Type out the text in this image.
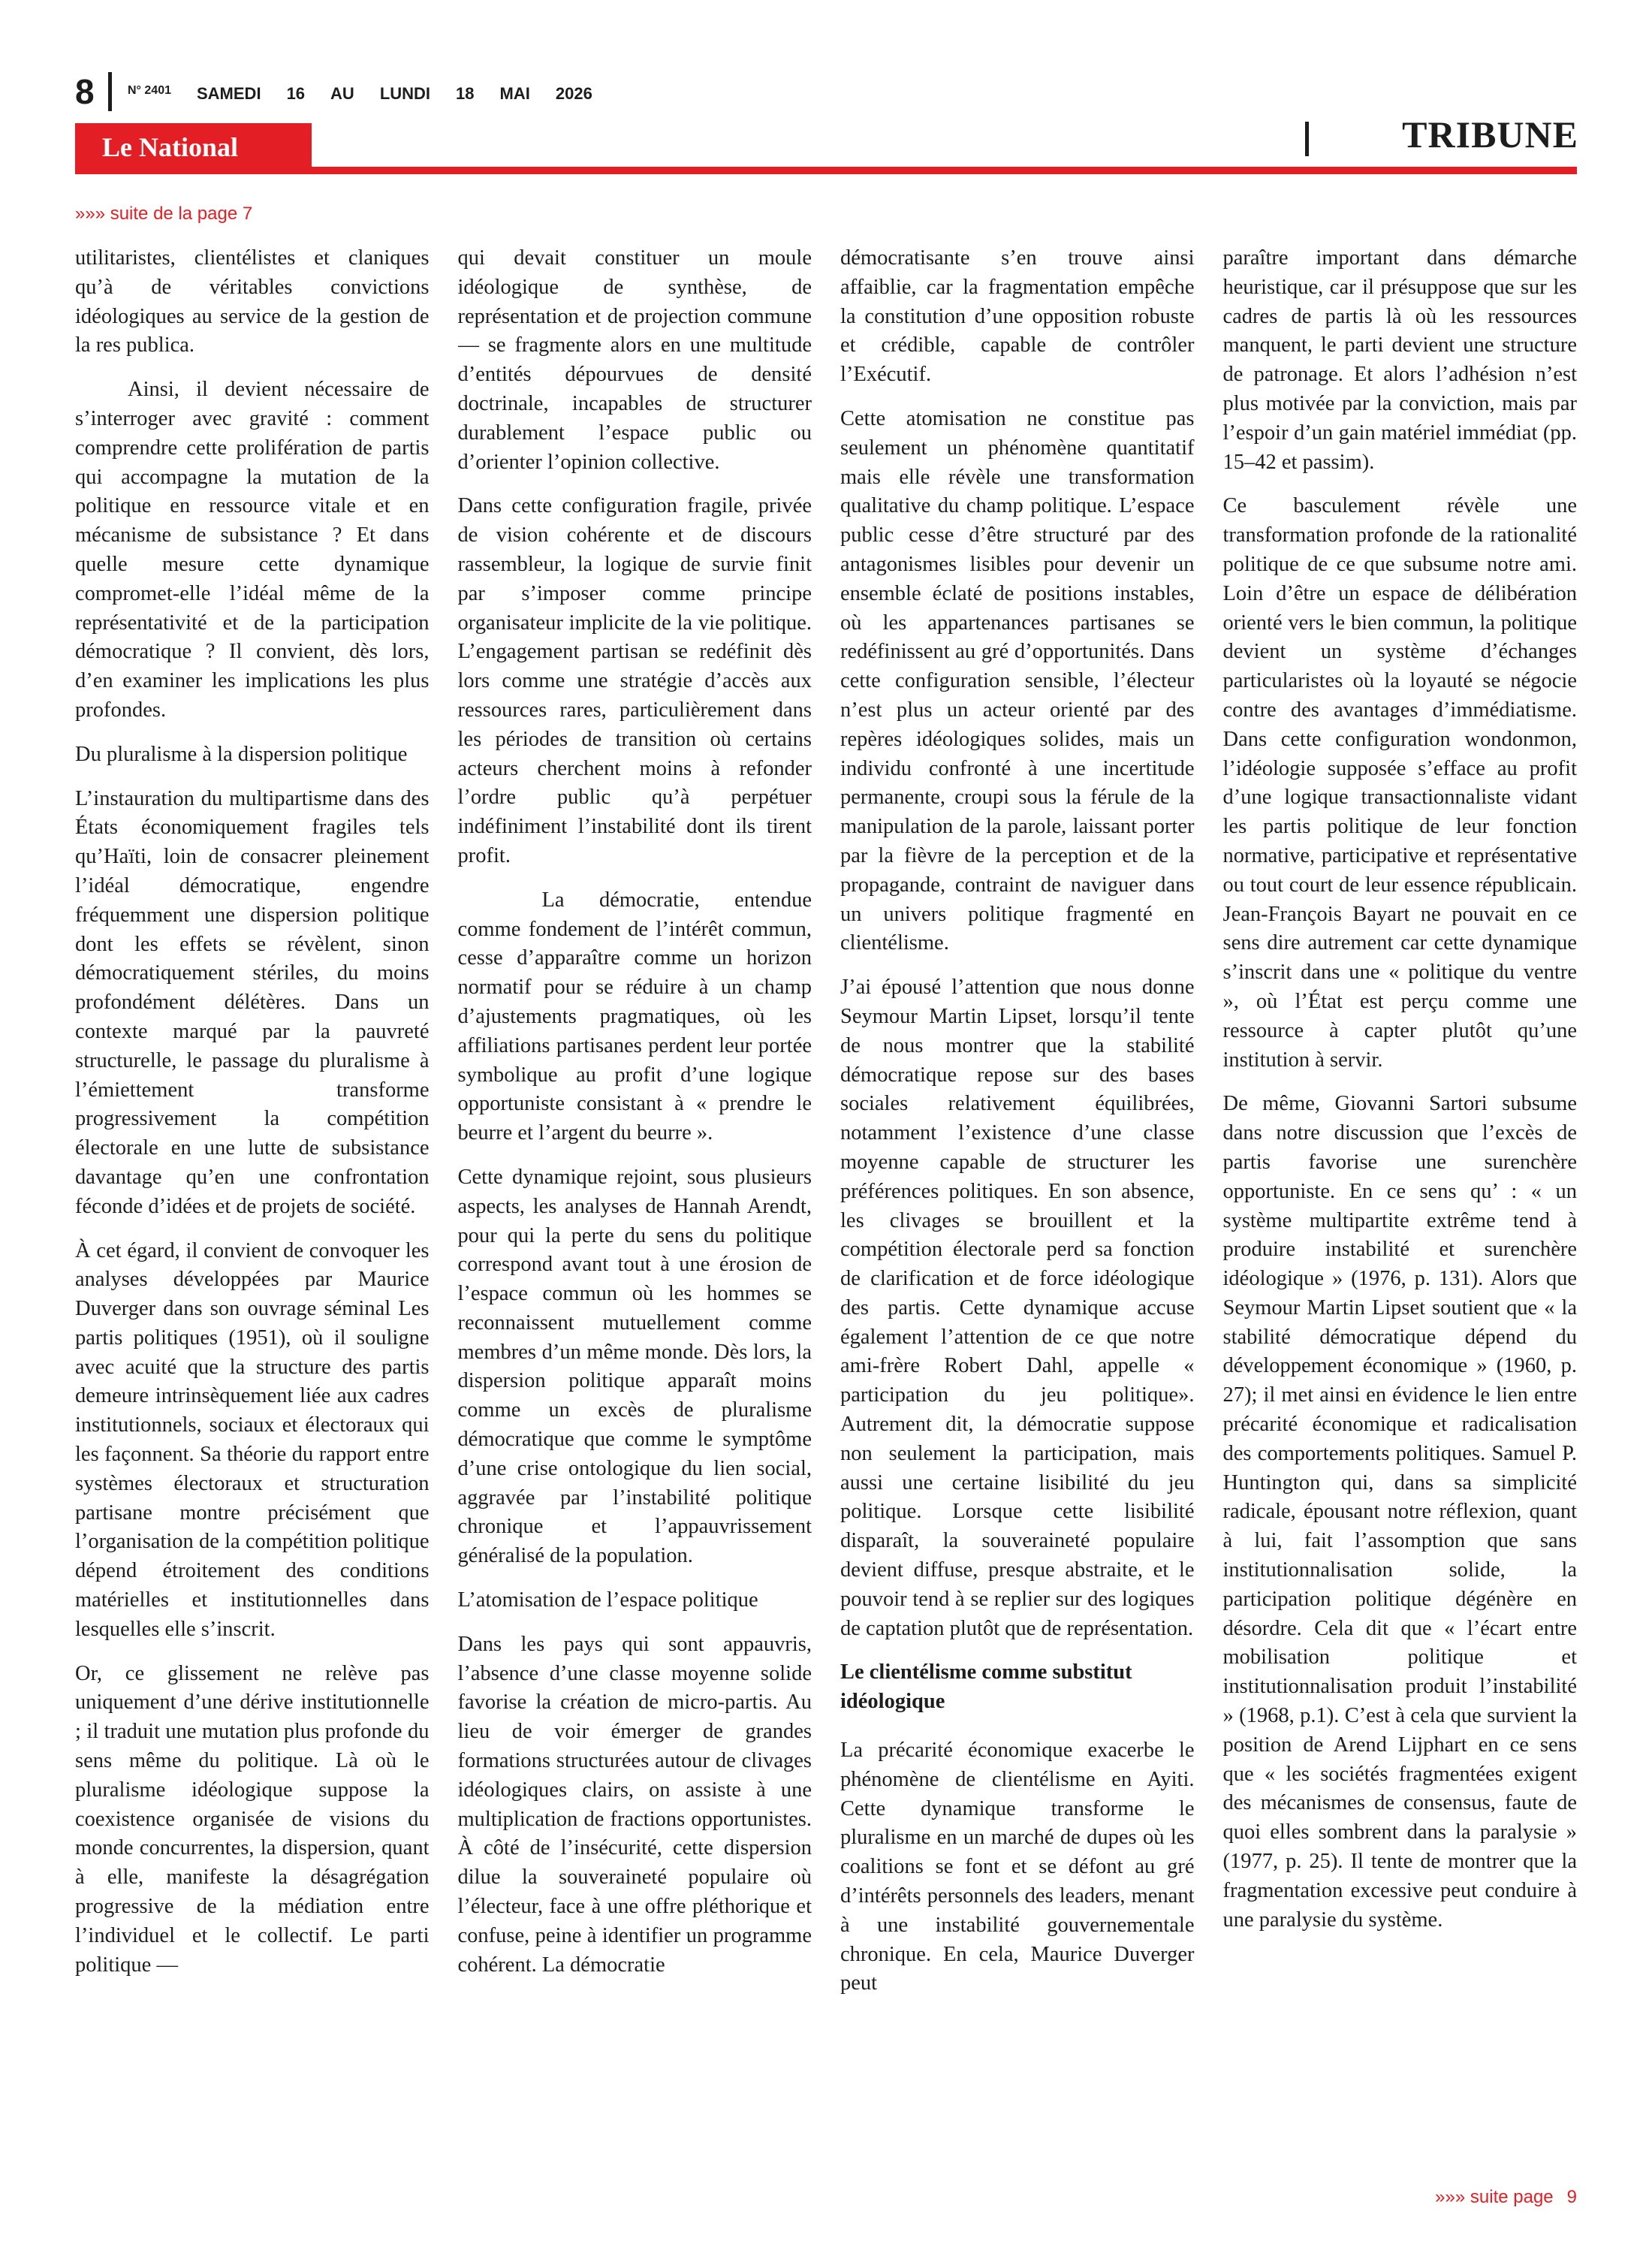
8	N° 2401 SAMEDI 16 AU LUNDI 18 MAI 2026
Le National	TRIBUNE
»»» suite de la page 7

utilitaristes, clientélistes et claniques qu’à de véritables convictions idéologiques au service de la gestion de la res publica.

Ainsi, il devient nécessaire de s’interroger avec gravité : comment comprendre cette prolifération de partis qui accompagne la mutation de la politique en ressource vitale et en mécanisme de subsistance ? Et dans quelle mesure cette dynamique compromet-elle l’idéal même de la représentativité et de la participation démocratique ? Il convient, dès lors, d’en examiner les implications les plus profondes.

Du pluralisme à la dispersion politique

L’instauration du multipartisme dans des États économiquement fragiles tels qu’Haïti, loin de consacrer pleinement l’idéal démocratique, engendre fréquemment une dispersion politique dont les effets se révèlent, sinon démocratiquement stériles, du moins profondément délétères. Dans un contexte marqué par la pauvreté structurelle, le passage du pluralisme à l’émiettement transforme progressivement la compétition électorale en une lutte de subsistance davantage qu’en une confrontation féconde d’idées et de projets de société.

À cet égard, il convient de convoquer les analyses développées par Maurice Duverger dans son ouvrage séminal Les partis politiques (1951), où il souligne avec acuité que la structure des partis demeure intrinsèquement liée aux cadres institutionnels, sociaux et électoraux qui les façonnent. Sa théorie du rapport entre systèmes électoraux et structuration partisane montre précisément que l’organisation de la compétition politique dépend étroitement des conditions matérielles et institutionnelles dans lesquelles elle s’inscrit.

Or, ce glissement ne relève pas uniquement d’une dérive institutionnelle ; il traduit une mutation plus profonde du sens même du politique. Là où le pluralisme idéologique suppose la coexistence organisée de visions du monde concurrentes, la dispersion, quant à elle, manifeste la désagrégation progressive de la médiation entre l’individuel et le collectif. Le parti politique —

qui devait constituer un moule idéologique de synthèse, de représentation et de projection commune — se fragmente alors en une multitude d’entités dépourvues de densité doctrinale, incapables de structurer durablement l’espace public ou d’orienter l’opinion collective.

Dans cette configuration fragile, privée de vision cohérente et de discours rassembleur, la logique de survie finit par s’imposer comme principe organisateur implicite de la vie politique. L’engagement partisan se redéfinit dès lors comme une stratégie d’accès aux ressources rares, particulièrement dans les périodes de transition où certains acteurs cherchent moins à refonder l’ordre public qu’à perpétuer indéfiniment l’instabilité dont ils tirent profit.

La démocratie, entendue comme fondement de l’intérêt commun, cesse d’apparaître comme un horizon normatif pour se réduire à un champ d’ajustements pragmatiques, où les affiliations partisanes perdent leur portée symbolique au profit d’une logique opportuniste consistant à « prendre le beurre et l’argent du beurre ».

Cette dynamique rejoint, sous plusieurs aspects, les analyses de Hannah Arendt, pour qui la perte du sens du politique correspond avant tout à une érosion de l’espace commun où les hommes se reconnaissent mutuellement comme membres d’un même monde. Dès lors, la dispersion politique apparaît moins comme un excès de pluralisme démocratique que comme le symptôme d’une crise ontologique du lien social, aggravée par l’instabilité politique chronique et l’appauvrissement généralisé de la population.

L’atomisation de l’espace politique

Dans les pays qui sont appauvris, l’absence d’une classe moyenne solide favorise la création de micro-partis. Au lieu de voir émerger de grandes formations structurées autour de clivages idéologiques clairs, on assiste à une multiplication de fractions opportunistes. À côté de l’insécurité, cette dispersion dilue la souveraineté populaire où l’électeur, face à une offre pléthorique et confuse, peine à identifier un programme cohérent. La démocratie

démocratisante s’en trouve ainsi affaiblie, car la fragmentation empêche la constitution d’une opposition robuste et crédible, capable de contrôler l’Exécutif.

Cette atomisation ne constitue pas seulement un phénomène quantitatif mais elle révèle une transformation qualitative du champ politique. L’espace public cesse d’être structuré par des antagonismes lisibles pour devenir un ensemble éclaté de positions instables, où les appartenances partisanes se redéfinissent au gré d’opportunités. Dans cette configuration sensible, l’électeur n’est plus un acteur orienté par des repères idéologiques solides, mais un individu confronté à une incertitude permanente, croupi sous la férule de la manipulation de la parole, laissant porter par la fièvre de la perception et de la propagande, contraint de naviguer dans un univers politique fragmenté en clientélisme.

J’ai épousé l’attention que nous donne Seymour Martin Lipset, lorsqu’il tente de nous montrer que la stabilité démocratique repose sur des bases sociales relativement équilibrées, notamment l’existence d’une classe moyenne capable de structurer les préférences politiques. En son absence, les clivages se brouillent et la compétition électorale perd sa fonction de clarification et de force idéologique des partis. Cette dynamique accuse également l’attention de ce que notre ami-frère Robert Dahl, appelle « participation du jeu politique». Autrement dit, la démocratie suppose non seulement la participation, mais aussi une certaine lisibilité du jeu politique. Lorsque cette lisibilité disparaît, la souveraineté populaire devient diffuse, presque abstraite, et le pouvoir tend à se replier sur des logiques de captation plutôt que de représentation.

Le clientélisme comme substitut idéologique

La précarité économique exacerbe le phénomène de clientélisme en Ayiti. Cette dynamique transforme le pluralisme en un marché de dupes où les coalitions se font et se défont au gré d’intérêts personnels des leaders, menant à une instabilité gouvernementale chronique. En cela, Maurice Duverger peut

paraître important dans démarche heuristique, car il présuppose que sur les cadres de partis là où les ressources manquent, le parti devient une structure de patronage. Et alors l’adhésion n’est plus motivée par la conviction, mais par l’espoir d’un gain matériel immédiat (pp. 15–42 et passim).

Ce basculement révèle une transformation profonde de la rationalité politique de ce que subsume notre ami. Loin d’être un espace de délibération orienté vers le bien commun, la politique devient un système d’échanges particularistes où la loyauté se négocie contre des avantages d’immédiatisme. Dans cette configuration wondonmon, l’idéologie supposée s’efface au profit d’une logique transactionnaliste vidant les partis politique de leur fonction normative, participative et représentative ou tout court de leur essence républicain. Jean-François Bayart ne pouvait en ce sens dire autrement car cette dynamique s’inscrit dans une « politique du ventre », où l’État est perçu comme une ressource à capter plutôt qu’une institution à servir.

De même, Giovanni Sartori subsume dans notre discussion que l’excès de partis favorise une surenchère opportuniste. En ce sens qu’ : « un système multipartite extrême tend à produire instabilité et surenchère idéologique » (1976, p. 131). Alors que Seymour Martin Lipset soutient que « la stabilité démocratique dépend du développement économique » (1960, p. 27); il met ainsi en évidence le lien entre précarité économique et radicalisation des comportements politiques. Samuel P. Huntington qui, dans sa simplicité radicale, épousant notre réflexion, quant à lui, fait l’assomption que sans institutionnalisation solide, la participation politique dégénère en désordre. Cela dit que « l’écart entre mobilisation politique et institutionnalisation produit l’instabilité » (1968, p.1). C’est à cela que survient la position de Arend Lijphart en ce sens que « les sociétés fragmentées exigent des mécanismes de consensus, faute de quoi elles sombrent dans la paralysie » (1977, p. 25). Il tente de montrer que la fragmentation excessive peut conduire à une paralysie du système.

»»» suite page 9
